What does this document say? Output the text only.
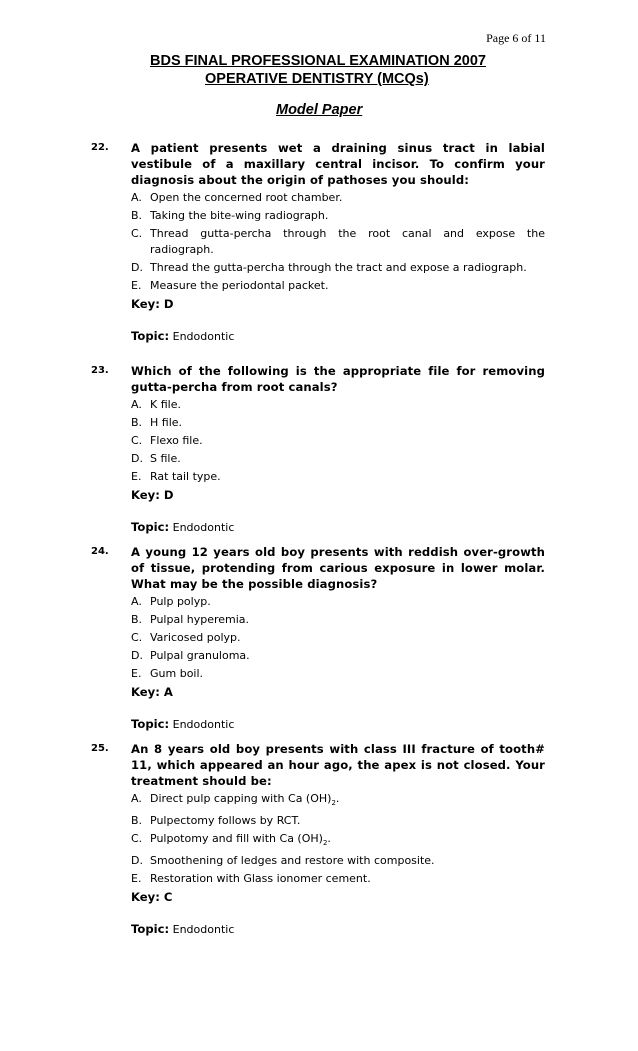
Page 6 of 11
BDS FINAL PROFESSIONAL EXAMINATION 2007
OPERATIVE DENTISTRY (MCQs)
Model Paper
22. A patient presents wet a draining sinus tract in labial vestibule of a maxillary central incisor. To confirm your diagnosis about the origin of pathoses you should:
A. Open the concerned root chamber.
B. Taking the bite-wing radiograph.
C. Thread gutta-percha through the root canal and expose the radiograph.
D. Thread the gutta-percha through the tract and expose a radiograph.
E. Measure the periodontal packet.
Key: D
Topic: Endodontic
23. Which of the following is the appropriate file for removing gutta-percha from root canals?
A. K file.
B. H file.
C. Flexo file.
D. S file.
E. Rat tail type.
Key: D
Topic: Endodontic
24. A young 12 years old boy presents with reddish over-growth of tissue, protending from carious exposure in lower molar. What may be the possible diagnosis?
A. Pulp polyp.
B. Pulpal hyperemia.
C. Varicosed polyp.
D. Pulpal granuloma.
E. Gum boil.
Key: A
Topic: Endodontic
25. An 8 years old boy presents with class III fracture of tooth# 11, which appeared an hour ago, the apex is not closed. Your treatment should be:
A. Direct pulp capping with Ca $(OH)_2$.
B. Pulpectomy follows by RCT.
C. Pulpotomy and fill with Ca $(OH)_2$.
D. Smoothening of ledges and restore with composite.
E. Restoration with Glass ionomer cement.
Key: C
Topic: Endodontic
